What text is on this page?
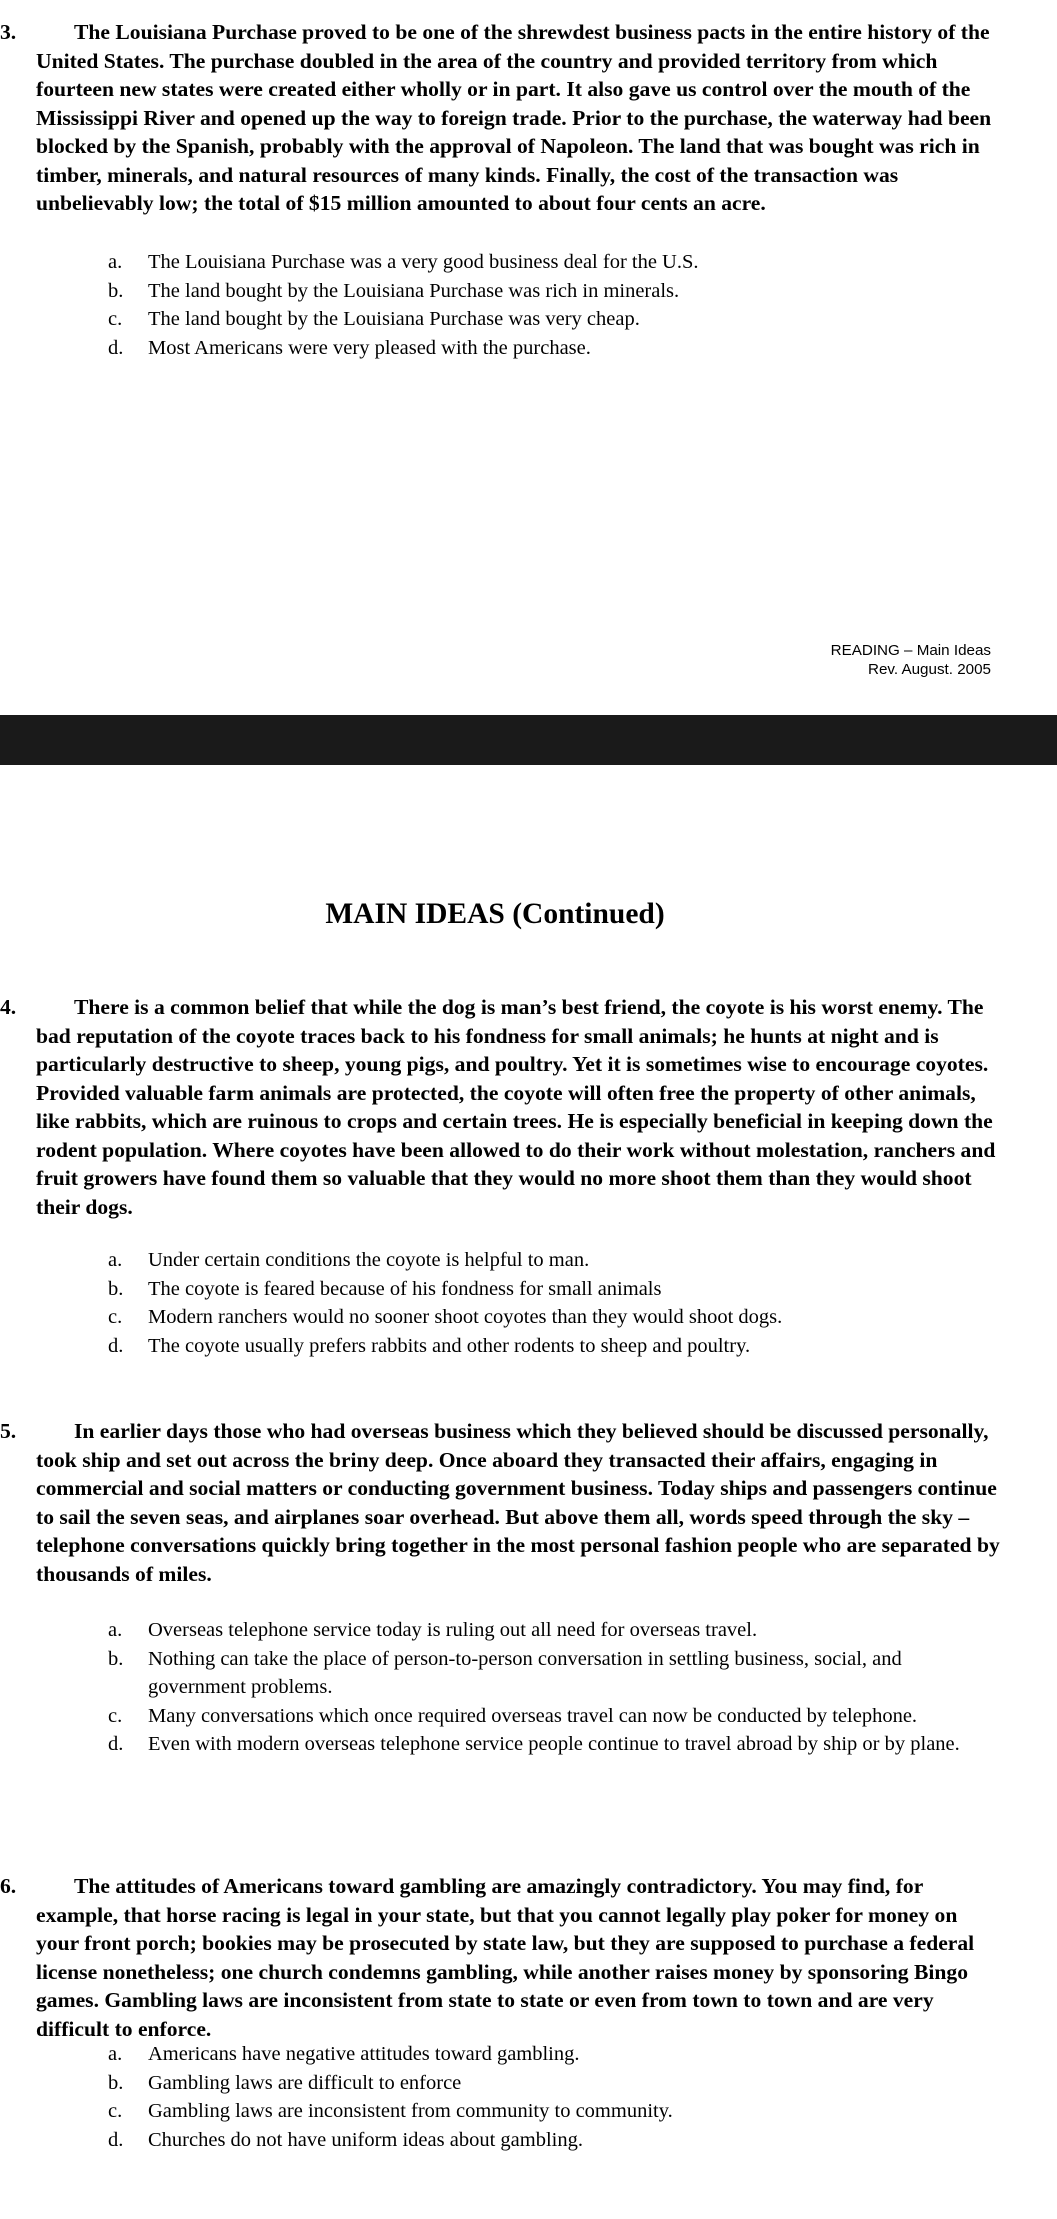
3.	The Louisiana Purchase proved to be one of the shrewdest business pacts in the entire history of the United States. The purchase doubled in the area of the country and provided territory from which fourteen new states were created either wholly or in part. It also gave us control over the mouth of the Mississippi River and opened up the way to foreign trade. Prior to the purchase, the waterway had been blocked by the Spanish, probably with the approval of Napoleon. The land that was bought was rich in timber, minerals, and natural resources of many kinds. Finally, the cost of the transaction was unbelievably low; the total of $15 million amounted to about four cents an acre.

a. The Louisiana Purchase was a very good business deal for the U.S.
b. The land bought by the Louisiana Purchase was rich in minerals.
c. The land bought by the Louisiana Purchase was very cheap.
d. Most Americans were very pleased with the purchase.
READING – Main Ideas
Rev. August. 2005
MAIN IDEAS (Continued)

4.	There is a common belief that while the dog is man’s best friend, the coyote is his worst enemy. The bad reputation of the coyote traces back to his fondness for small animals; he hunts at night and is particularly destructive to sheep, young pigs, and poultry. Yet it is sometimes wise to encourage coyotes. Provided valuable farm animals are protected, the coyote will often free the property of other animals, like rabbits, which are ruinous to crops and certain trees. He is especially beneficial in keeping down the rodent population. Where coyotes have been allowed to do their work without molestation, ranchers and fruit growers have found them so valuable that they would no more shoot them than they would shoot their dogs.

a. Under certain conditions the coyote is helpful to man.
b. The coyote is feared because of his fondness for small animals
c. Modern ranchers would no sooner shoot coyotes than they would shoot dogs.
d. The coyote usually prefers rabbits and other rodents to sheep and poultry.

5.	In earlier days those who had overseas business which they believed should be discussed personally, took ship and set out across the briny deep. Once aboard they transacted their affairs, engaging in commercial and social matters or conducting government business. Today ships and passengers continue to sail the seven seas, and airplanes soar overhead. But above them all, words speed through the sky – telephone conversations quickly bring together in the most personal fashion people who are separated by thousands of miles.

a. Overseas telephone service today is ruling out all need for overseas travel.
b. Nothing can take the place of person-to-person conversation in settling business, social, and government problems.
c. Many conversations which once required overseas travel can now be conducted by telephone.
d. Even with modern overseas telephone service people continue to travel abroad by ship or by plane.

6.	The attitudes of Americans toward gambling are amazingly contradictory. You may find, for example, that horse racing is legal in your state, but that you cannot legally play poker for money on your front porch; bookies may be prosecuted by state law, but they are supposed to purchase a federal license nonetheless; one church condemns gambling, while another raises money by sponsoring Bingo games. Gambling laws are inconsistent from state to state or even from town to town and are very difficult to enforce.

a. Americans have negative attitudes toward gambling.
b. Gambling laws are difficult to enforce
c. Gambling laws are inconsistent from community to community.
d. Churches do not have uniform ideas about gambling.
